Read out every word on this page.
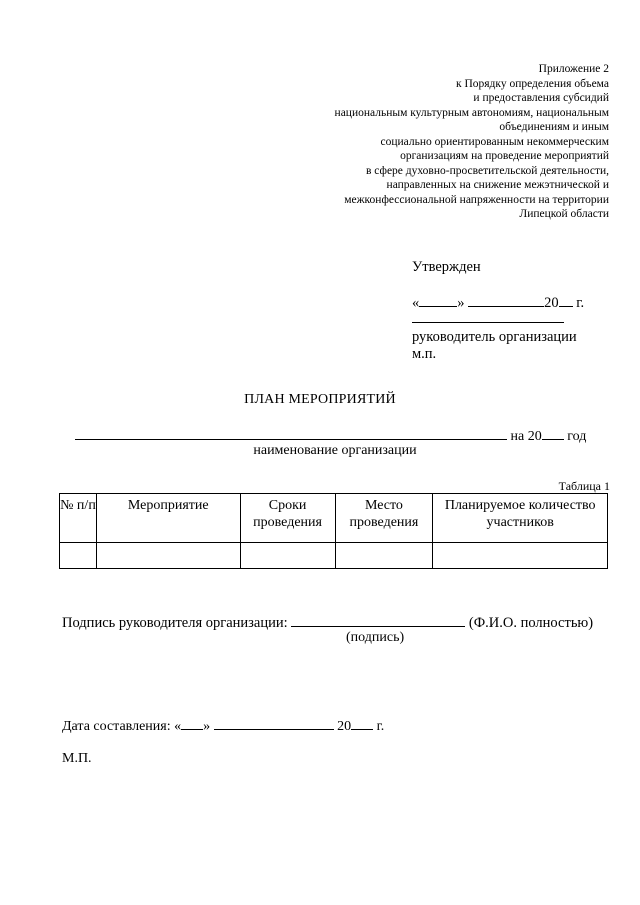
Приложение 2
к Порядку определения объема
и предоставления субсидий
национальным культурным автономиям, национальным
объединениям и иным
социально ориентированным некоммерческим
организациям на проведение мероприятий
в сфере духовно-просветительской деятельности,
направленных на снижение межэтнической и
межконфессиональной напряженности на территории
Липецкой области
Утвержден
«	»	20 г.
руководитель организации
м.п.
ПЛАН МЕРОПРИЯТИЙ
на 20 год
наименование организации
Таблица 1
№ п/п	Мероприятие	Сроки проведения	Место проведения	Планируемое количество участников

Подпись руководителя организации:	(Ф.И.О. полностью)
(подпись)
Дата составления: « »	20 г.
М.П.
